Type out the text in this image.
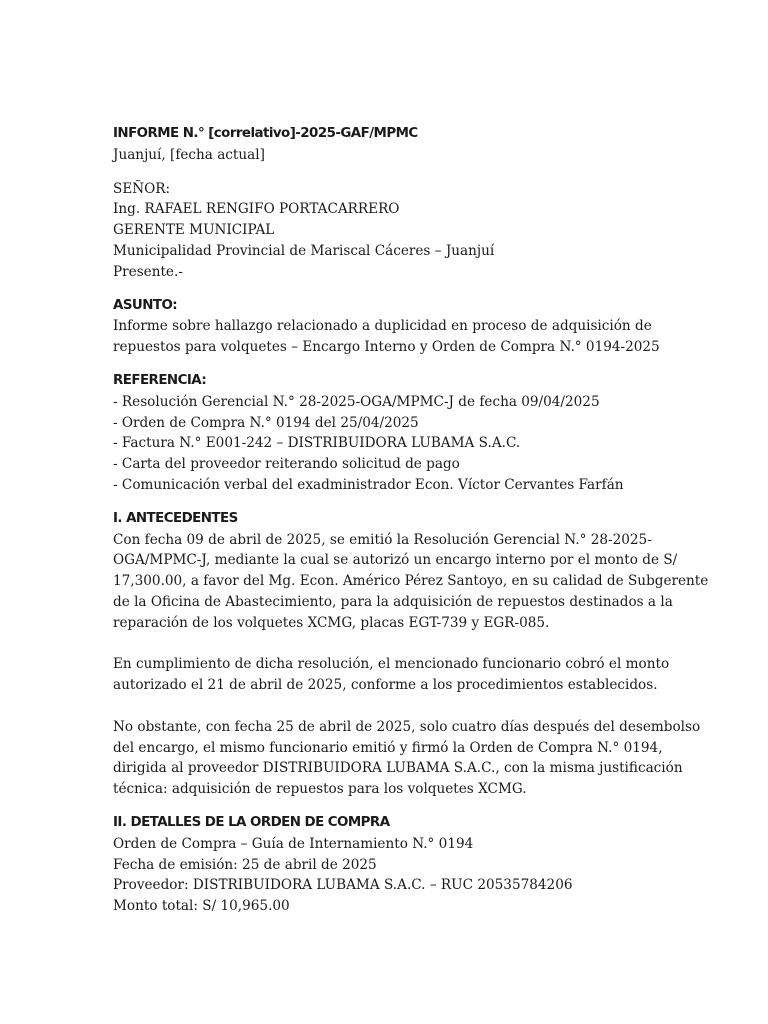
INFORME N.° [correlativo]-2025-GAF/MPMC
Juanjuí, [fecha actual]
SEÑOR:
Ing. RAFAEL RENGIFO PORTACARRERO
GERENTE MUNICIPAL
Municipalidad Provincial de Mariscal Cáceres – Juanjuí
Presente.-
ASUNTO:
Informe sobre hallazgo relacionado a duplicidad en proceso de adquisición de
repuestos para volquetes – Encargo Interno y Orden de Compra N.° 0194-2025
REFERENCIA:
- Resolución Gerencial N.° 28-2025-OGA/MPMC-J de fecha 09/04/2025
- Orden de Compra N.° 0194 del 25/04/2025
- Factura N.° E001-242 – DISTRIBUIDORA LUBAMA S.A.C.
- Carta del proveedor reiterando solicitud de pago
- Comunicación verbal del exadministrador Econ. Víctor Cervantes Farfán
I. ANTECEDENTES

Con fecha 09 de abril de 2025, se emitió la Resolución Gerencial N.° 28-2025-
OGA/MPMC-J, mediante la cual se autorizó un encargo interno por el monto de S/
17,300.00, a favor del Mg. Econ. Américo Pérez Santoyo, en su calidad de Subgerente
de la Oficina de Abastecimiento, para la adquisición de repuestos destinados a la
reparación de los volquetes XCMG, placas EGT-739 y EGR-085.

En cumplimiento de dicha resolución, el mencionado funcionario cobró el monto
autorizado el 21 de abril de 2025, conforme a los procedimientos establecidos.

No obstante, con fecha 25 de abril de 2025, solo cuatro días después del desembolso
del encargo, el mismo funcionario emitió y firmó la Orden de Compra N.° 0194,
dirigida al proveedor DISTRIBUIDORA LUBAMA S.A.C., con la misma justificación
técnica: adquisición de repuestos para los volquetes XCMG.

II. DETALLES DE LA ORDEN DE COMPRA
Orden de Compra – Guía de Internamiento N.° 0194
Fecha de emisión: 25 de abril de 2025
Proveedor: DISTRIBUIDORA LUBAMA S.A.C. – RUC 20535784206
Monto total: S/ 10,965.00
